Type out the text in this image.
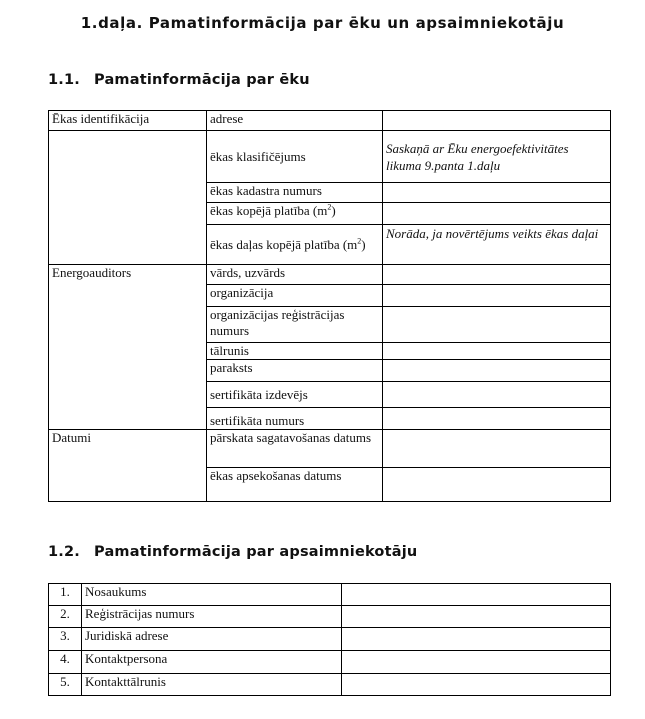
1.daļa. Pamatinformācija par ēku un apsaimniekotāju
1.1. Pamatinformācija par ēku
Ēkas identifikācija	adrese	
	ēkas klasifičējums	Saskaņā ar Ēku energoefektivitātes likuma 9.panta 1.daļu
	ēkas kadastra numurs	
	ēkas kopējā platība $(m^2)$	
	ēkas daļas kopējā platība $(m^2)$	Norāda, ja novērtējums veikts ēkas daļai
Energoauditors	vārds, uzvārds	
	organizācija	
	organizācijas reģistrācijas numurs	
	tālrunis	
	paraksts	
	sertifikāta izdevējs	
	sertifikāta numurs	
Datumi	pārskata sagatavošanas datums	
	ēkas apsekošanas datums	
1.2. Pamatinformācija par apsaimniekotāju
1.	Nosaukums	
2.	Reģistrācijas numurs	
3.	Juridiskā adrese	
4.	Kontaktpersona	
5.	Kontakttālrunis	
